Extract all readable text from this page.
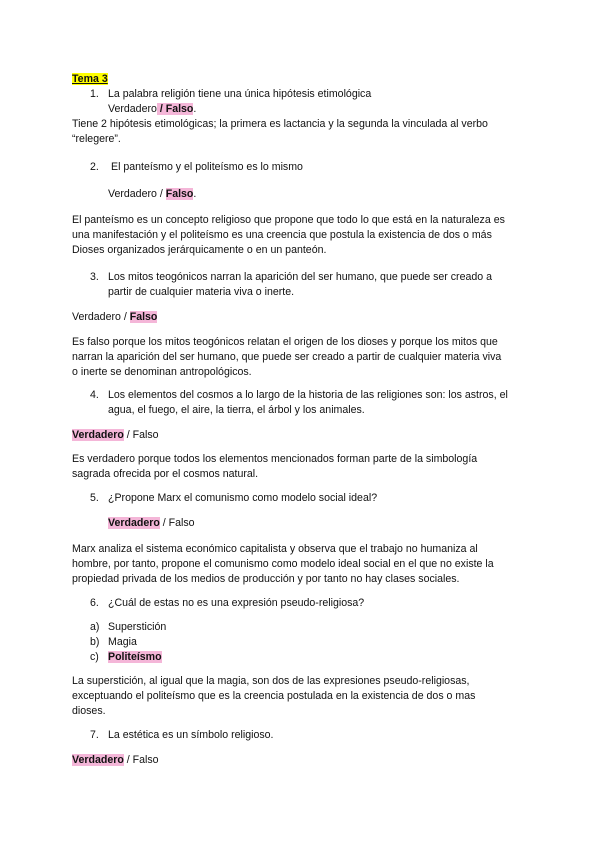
Tema 3
1. La palabra religión tiene una única hipótesis etimológica
Verdadero / Falso.
Tiene 2 hipótesis etimológicas; la primera es lactancia y la segunda la vinculada al verbo
“relegere”.
2. El panteísmo y el politeísmo es lo mismo
Verdadero / Falso.
El panteísmo es un concepto religioso que propone que todo lo que está en la naturaleza es
una manifestación y el politeísmo es una creencia que postula la existencia de dos o más
Dioses organizados jerárquicamente o en un panteón.
3. Los mitos teogónicos narran la aparición del ser humano, que puede ser creado a
partir de cualquier materia viva o inerte.
Verdadero / Falso
Es falso porque los mitos teogónicos relatan el origen de los dioses y porque los mitos que
narran la aparición del ser humano, que puede ser creado a partir de cualquier materia viva
o inerte se denominan antropológicos.
4. Los elementos del cosmos a lo largo de la historia de las religiones son: los astros, el
agua, el fuego, el aire, la tierra, el árbol y los animales.
Verdadero / Falso
Es verdadero porque todos los elementos mencionados forman parte de la simbología
sagrada ofrecida por el cosmos natural.
5. ¿Propone Marx el comunismo como modelo social ideal?
Verdadero / Falso
Marx analiza el sistema económico capitalista y observa que el trabajo no humaniza al
hombre, por tanto, propone el comunismo como modelo ideal social en el que no existe la
propiedad privada de los medios de producción y por tanto no hay clases sociales.
6. ¿Cuál de estas no es una expresión pseudo-religiosa?
a) Superstición
b) Magia
c) Politeísmo
La superstición, al igual que la magia, son dos de las expresiones pseudo-religiosas,
exceptuando el politeísmo que es la creencia postulada en la existencia de dos o mas
dioses.
7. La estética es un símbolo religioso.
Verdadero / Falso
